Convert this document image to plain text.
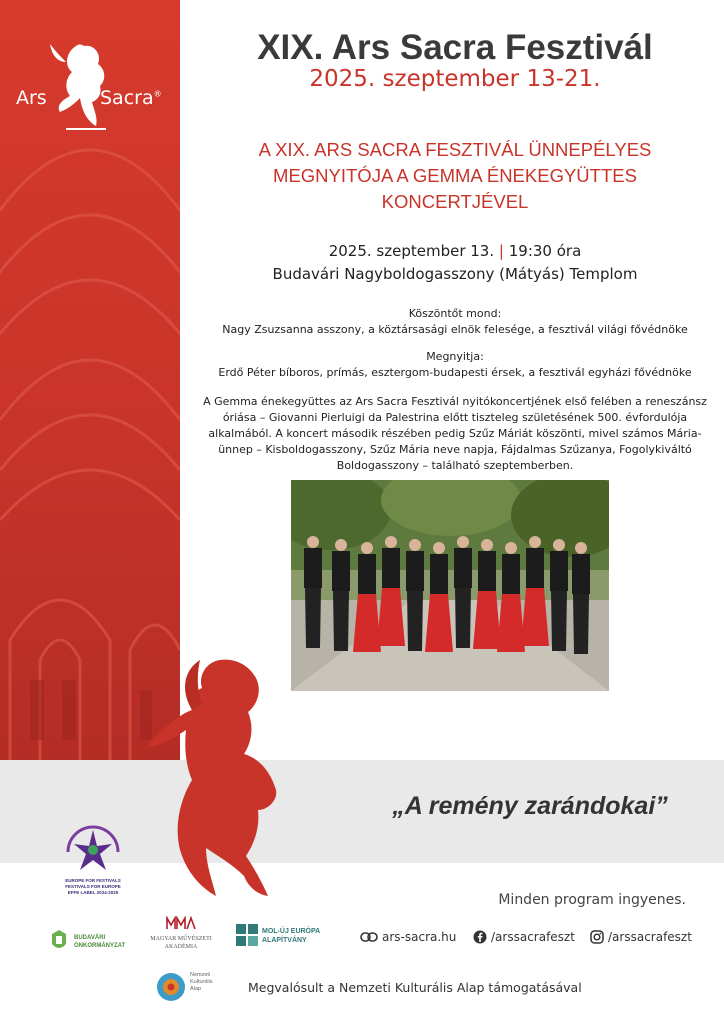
Ars	Sacra®
XIX. Ars Sacra Fesztivál
2025. szeptember 13-21.
A XIX. ARS SACRA FESZTIVÁL ÜNNEPÉLYES
MEGNYITÓJA A GEMMA ÉNEKEGYÜTTES
KONCERTJÉVEL
2025. szeptember 13. | 19:30 óra
Budavári Nagyboldogasszony (Mátyás) Templom
Köszöntőt mond:
Nagy Zsuzsanna asszony, a köztársasági elnök felesége, a fesztivál világi fővédnöke
Megnyitja:
Erdő Péter bíboros, prímás, esztergom-budapesti érsek, a fesztivál egyházi fővédnöke
A Gemma énekegyüttes az Ars Sacra Fesztivál nyitókoncertjének első felében a reneszánsz
óriása – Giovanni Pierluigi da Palestrina előtt tiszteleg születésének 500. évfordulója
alkalmából. A koncert második részében pedig Szűz Máriát köszönti, mivel számos Mária-
ünnep – Kisboldogasszony, Szűz Mária neve napja, Fájdalmas Szűzanya, Fogolykiváltó
Boldogasszony – található szeptemberben.
„A remény zarándokai”
EUROPE FOR FESTIVALS
FESTIVALS FOR EUROPE
EFFE LABEL 2024-2025	Minden program ingyenes.
BUDAVÁRI
ÖNKORMÁNYZAT
MAGYAR MŰVÉSZETI
AKADÉMIA
MOL-ÚJ EURÓPA
ALAPÍTVÁNY	ars-sacra.hu	/arssacrafeszt	/arssacrafeszt
Nemzeti
Kulturális
Alap	Megvalósult a Nemzeti Kulturális Alap támogatásával
